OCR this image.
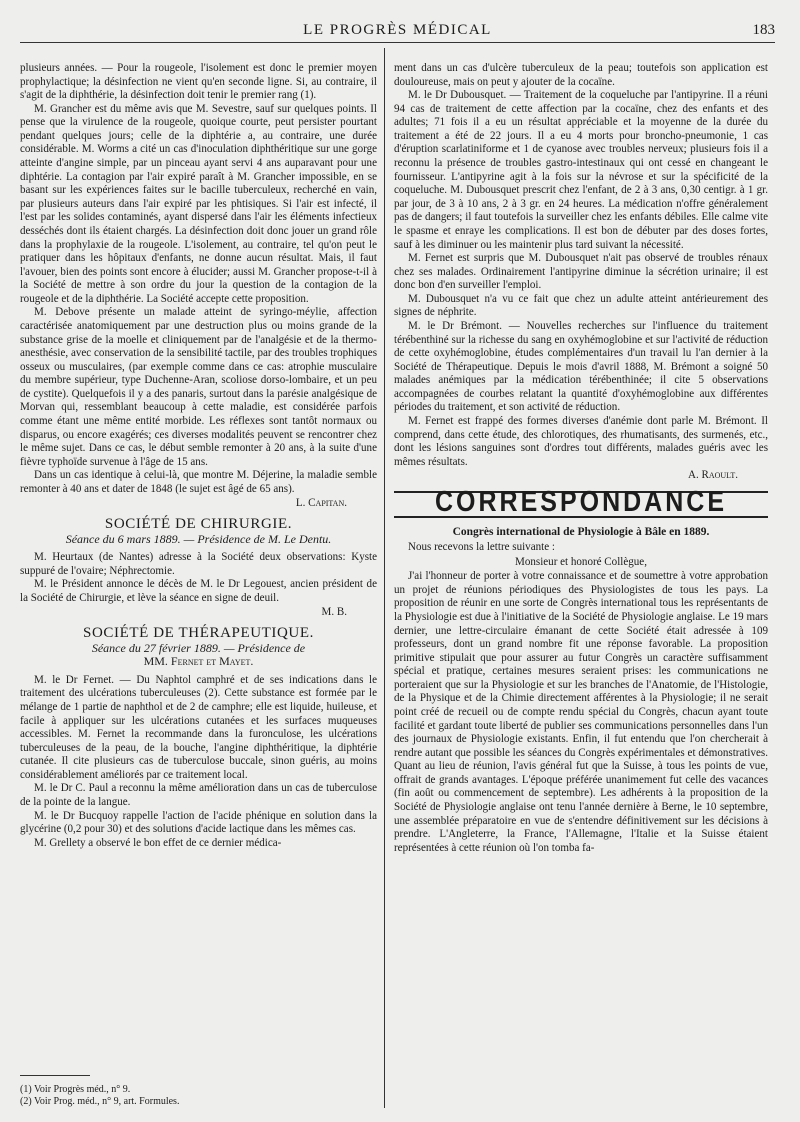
LE PROGRÈS MÉDICAL	183

plusieurs années. — Pour la rougeole, l'isolement est donc le premier moyen prophylactique; la désinfection ne vient qu'en seconde ligne. Si, au contraire, il s'agit de la diphthérie, la désinfection doit tenir le premier rang (1).

M. Grancher est du même avis que M. Sevestre, sauf sur quelques points. Il pense que la virulence de la rougeole, quoique courte, peut persister pourtant pendant quelques jours; celle de la diphtérie a, au contraire, une durée considérable. M. Worms a cité un cas d'inoculation diphthéritique sur une gorge atteinte d'angine simple, par un pinceau ayant servi 4 ans auparavant pour une diphtérie. La contagion par l'air expiré paraît à M. Grancher impossible, en se basant sur les expériences faites sur le bacille tuberculeux, recherché en vain, par plusieurs auteurs dans l'air expiré par les phtisiques. Si l'air est infecté, il l'est par les solides contaminés, ayant dispersé dans l'air les éléments infectieux desséchés dont ils étaient chargés. La désinfection doit donc jouer un grand rôle dans la prophylaxie de la rougeole. L'isolement, au contraire, tel qu'on peut le pratiquer dans les hôpitaux d'enfants, ne donne aucun résultat. Mais, il faut l'avouer, bien des points sont encore à élucider; aussi M. Grancher propose-t-il à la Société de mettre à son ordre du jour la question de la contagion de la rougeole et de la diphthérie. La Société accepte cette proposition.

M. Debove présente un malade atteint de syringo-méylie, affection caractérisée anatomiquement par une destruction plus ou moins grande de la substance grise de la moelle et cliniquement par de l'analgésie et de la thermo-anesthésie, avec conservation de la sensibilité tactile, par des troubles trophiques osseux ou musculaires, (par exemple comme dans ce cas: atrophie musculaire du membre supérieur, type Duchenne-Aran, scoliose dorso-lombaire, et un peu de cystite). Quelquefois il y a des panaris, surtout dans la parésie analgésique de Morvan qui, ressemblant beaucoup à cette maladie, est considérée parfois comme étant une même entité morbide. Les réflexes sont tantôt normaux ou disparus, ou encore exagérés; ces diverses modalités peuvent se rencontrer chez le même sujet. Dans ce cas, le début semble remonter à 20 ans, à la suite d'une fièvre typhoïde survenue à l'âge de 15 ans.

Dans un cas identique à celui-là, que montre M. Déjerine, la maladie semble remonter à 40 ans et dater de 1848 (le sujet est âgé de 65 ans).

L. Capitan.
SOCIÉTÉ DE CHIRURGIE.
Séance du 6 mars 1889. — Présidence de M. Le Dentu.

M. Heurtaux (de Nantes) adresse à la Société deux observations: Kyste suppuré de l'ovaire; Néphrectomie.

M. le Président annonce le décès de M. le Dr Legouest, ancien président de la Société de Chirurgie, et lève la séance en signe de deuil.

M. B.
SOCIÉTÉ DE THÉRAPEUTIQUE.
Séance du 27 février 1889. — Présidence de
MM. Fernet et Mayet.

M. le Dr Fernet. — Du Naphtol camphré et de ses indications dans le traitement des ulcérations tuberculeuses (2). Cette substance est formée par le mélange de 1 partie de naphthol et de 2 de camphre; elle est liquide, huileuse, et facile à appliquer sur les ulcérations cutanées et les surfaces muqueuses accessibles. M. Fernet la recommande dans la furonculose, les ulcérations tuberculeuses de la peau, de la bouche, l'angine diphthéritique, la diphtérie cutanée. Il cite plusieurs cas de tuberculose buccale, sinon guéris, au moins considérablement améliorés par ce traitement local.

M. le Dr C. Paul a reconnu la même amélioration dans un cas de tuberculose de la pointe de la langue.

M. le Dr Bucquoy rappelle l'action de l'acide phénique en solution dans la glycérine (0,2 pour 30) et des solutions d'acide lactique dans les mêmes cas.

M. Grellety a observé le bon effet de ce dernier médica-

(1) Voir Progrès méd., n° 9.
(2) Voir Prog. méd., n° 9, art. Formules.

ment dans un cas d'ulcère tuberculeux de la peau; toutefois son application est douloureuse, mais on peut y ajouter de la cocaïne.

M. le Dr Dubousquet. — Traitement de la coqueluche par l'antipyrine. Il a réuni 94 cas de traitement de cette affection par la cocaïne, chez des enfants et des adultes; 71 fois il a eu un résultat appréciable et la moyenne de la durée du traitement a été de 22 jours. Il a eu 4 morts pour broncho-pneumonie, 1 cas d'éruption scarlatiniforme et 1 de cyanose avec troubles nerveux; plusieurs fois il a reconnu la présence de troubles gastro-intestinaux qui ont cessé en changeant le fournisseur. L'antipyrine agit à la fois sur la névrose et sur la spécificité de la coqueluche. M. Dubousquet prescrit chez l'enfant, de 2 à 3 ans, 0,30 centigr. à 1 gr. par jour, de 3 à 10 ans, 2 à 3 gr. en 24 heures. La médication n'offre généralement pas de dangers; il faut toutefois la surveiller chez les enfants débiles. Elle calme vite le spasme et enraye les complications. Il est bon de débuter par des doses fortes, sauf à les diminuer ou les maintenir plus tard suivant la nécessité.

M. Fernet est surpris que M. Dubousquet n'ait pas observé de troubles rénaux chez ses malades. Ordinairement l'antipyrine diminue la sécrétion urinaire; il est donc bon d'en surveiller l'emploi.

M. Dubousquet n'a vu ce fait que chez un adulte atteint antérieurement des signes de néphrite.

M. le Dr Brémont. — Nouvelles recherches sur l'influence du traitement térébenthiné sur la richesse du sang en oxyhémoglobine et sur l'activité de réduction de cette oxyhémoglobine, études complémentaires d'un travail lu l'an dernier à la Société de Thérapeutique. Depuis le mois d'avril 1888, M. Brémont a soigné 50 malades anémiques par la médication térébenthinée; il cite 5 observations accompagnées de courbes relatant la quantité d'oxyhémoglobine aux différentes périodes du traitement, et son activité de réduction.

M. Fernet est frappé des formes diverses d'anémie dont parle M. Brémont. Il comprend, dans cette étude, des chlorotiques, des rhumatisants, des surmenés, etc., dont les lésions sanguines sont d'ordres tout différents, malades guéris avec les mêmes résultats.

A. Raoult.
CORRESPONDANCE
Congrès international de Physiologie à Bâle en 1889.

Nous recevons la lettre suivante :

Monsieur et honoré Collègue,

J'ai l'honneur de porter à votre connaissance et de soumettre à votre approbation un projet de réunions périodiques des Physiologistes de tous les pays. La proposition de réunir en une sorte de Congrès international tous les représentants de la Physiologie est due à l'initiative de la Société de Physiologie anglaise. Le 19 mars dernier, une lettre-circulaire émanant de cette Société était adressée à 109 professeurs, dont un grand nombre fit une réponse favorable. La proposition primitive stipulait que pour assurer au futur Congrès un caractère suffisamment spécial et pratique, certaines mesures seraient prises: les communications ne porteraient que sur la Physiologie et sur les branches de l'Anatomie, de l'Histologie, de la Physique et de la Chimie directement afférentes à la Physiologie; il ne serait point créé de recueil ou de compte rendu spécial du Congrès, chacun ayant toute facilité et gardant toute liberté de publier ses communications personnelles dans l'un des journaux de Physiologie existants. Enfin, il fut entendu que l'on chercherait à rendre autant que possible les séances du Congrès expérimentales et démonstratives. Quant au lieu de réunion, l'avis général fut que la Suisse, à tous les points de vue, offrait de grands avantages. L'époque préférée unanimement fut celle des vacances (fin août ou commencement de septembre). Les adhérents à la proposition de la Société de Physiologie anglaise ont tenu l'année dernière à Berne, le 10 septembre, une assemblée préparatoire en vue de s'entendre définitivement sur les décisions à prendre. L'Angleterre, la France, l'Allemagne, l'Italie et la Suisse étaient représentées à cette réunion où l'on tomba fa-
